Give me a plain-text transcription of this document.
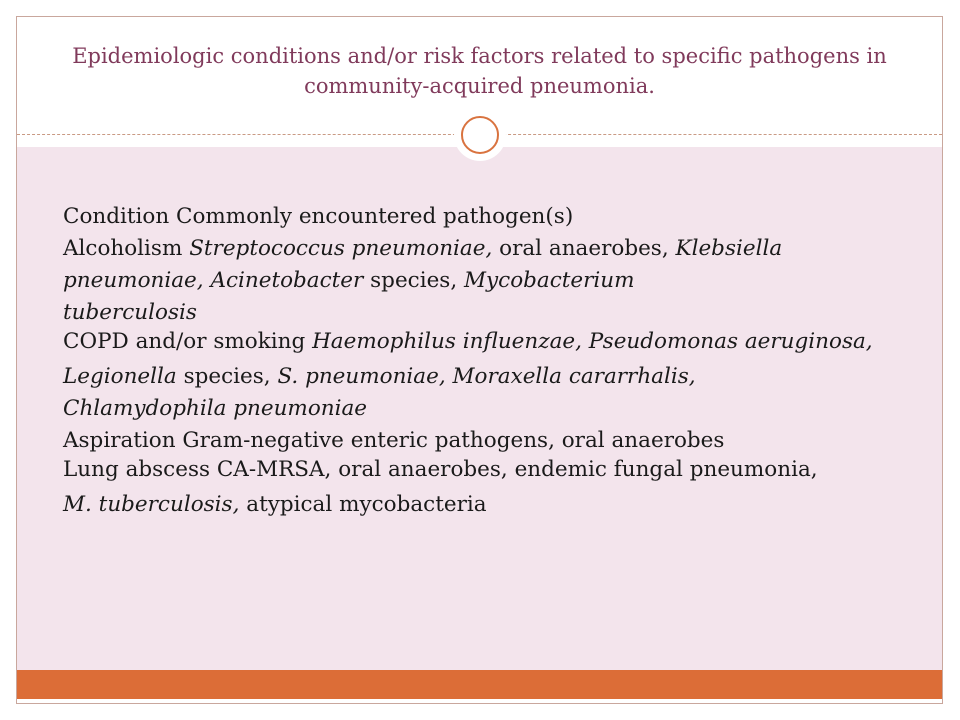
Epidemiologic conditions and/or risk factors related to specific pathogens in community-acquired pneumonia.

Condition Commonly encountered pathogen(s)

Alcoholism Streptococcus pneumoniae, oral anaerobes, Klebsiella

pneumoniae, Acinetobacter species, Mycobacterium

tuberculosis

COPD and/or smoking Haemophilus influenzae, Pseudomonas aeruginosa,

Legionella species, S. pneumoniae, Moraxella cararrhalis,

Chlamydophila pneumoniae

Aspiration Gram-negative enteric pathogens, oral anaerobes

Lung abscess CA-MRSA, oral anaerobes, endemic fungal pneumonia,

M. tuberculosis, atypical mycobacteria
